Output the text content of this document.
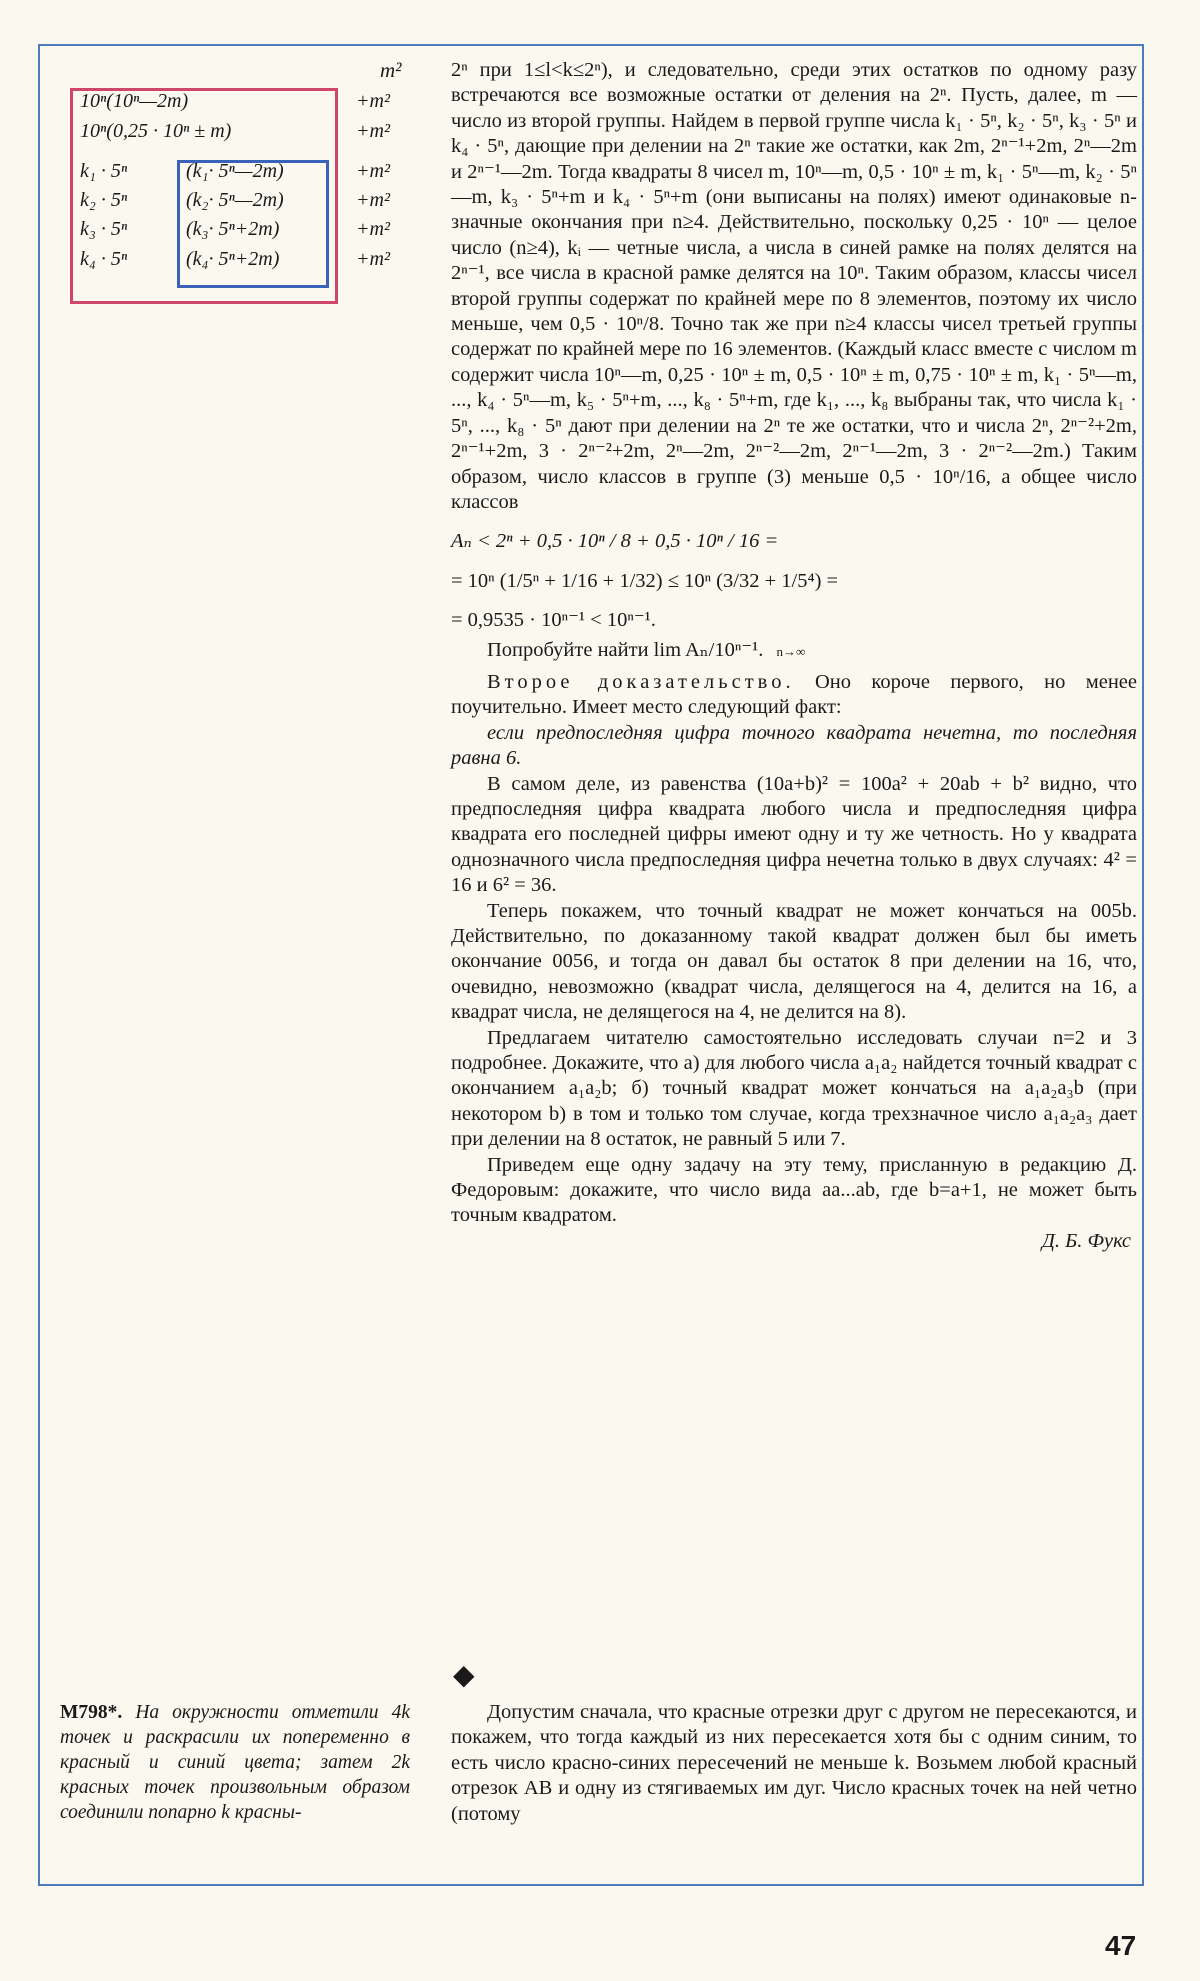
m²
10ⁿ(10ⁿ—2m)	+m²
10ⁿ(0,25 · 10ⁿ ± m)	+m²
k₁ · 5ⁿ	(k₁· 5ⁿ—2m)	+m²
k₂ · 5ⁿ	(k₂· 5ⁿ—2m)	+m²
k₃ · 5ⁿ	(k₃· 5ⁿ+2m)	+m²
k₄ · 5ⁿ	(k₄· 5ⁿ+2m)	+m²

2ⁿ при 1≤l<k≤2ⁿ), и следовательно, среди этих остатков по одному разу встречаются все возможные остатки от деления на 2ⁿ. Пусть, далее, m — число из второй группы. Найдем в первой группе числа k₁ · 5ⁿ, k₂ · 5ⁿ, k₃ · 5ⁿ и k₄ · 5ⁿ, дающие при делении на 2ⁿ такие же остатки, как 2m, 2ⁿ⁻¹+2m, 2ⁿ—2m и 2ⁿ⁻¹—2m. Тогда квадраты 8 чисел m, 10ⁿ—m, 0,5 · 10ⁿ ± m, k₁ · 5ⁿ—m, k₂ · 5ⁿ—m, k₃ · 5ⁿ+m и k₄ · 5ⁿ+m (они выписаны на полях) имеют одинаковые n-значные окончания при n≥4. Действительно, поскольку 0,25 · 10ⁿ — целое число (n≥4), kᵢ — четные числа, а числа в синей рамке на полях делятся на 2ⁿ⁻¹, все числа в красной рамке делятся на 10ⁿ. Таким образом, классы чисел второй группы содержат по крайней мере по 8 элементов, поэтому их число меньше, чем 0,5 · 10ⁿ/8. Точно так же при n≥4 классы чисел третьей группы содержат по крайней мере по 16 элементов. (Каждый класс вместе с числом m содержит числа 10ⁿ—m, 0,25 · 10ⁿ ± m, 0,5 · 10ⁿ ± m, 0,75 · 10ⁿ ± m, k₁ · 5ⁿ—m, ..., k₄ · 5ⁿ—m, k₅ · 5ⁿ+m, ..., k₈ · 5ⁿ+m, где k₁, ..., k₈ выбраны так, что числа k₁ · 5ⁿ, ..., k₈ · 5ⁿ дают при делении на 2ⁿ те же остатки, что и числа 2ⁿ, 2ⁿ⁻²+2m, 2ⁿ⁻¹+2m, 3 · 2ⁿ⁻²+2m, 2ⁿ—2m, 2ⁿ⁻²—2m, 2ⁿ⁻¹—2m, 3 · 2ⁿ⁻²—2m.) Таким образом, число классов в группе (3) меньше 0,5 · 10ⁿ/16, а общее число классов

Aₙ < 2ⁿ + 0,5 · 10ⁿ / 8 + 0,5 · 10ⁿ / 16 =

= 10ⁿ (1/5ⁿ + 1/16 + 1/32) ≤ 10ⁿ (3/32 + 1/5⁴) =

= 0,9535 · 10ⁿ⁻¹ < 10ⁿ⁻¹.

Попробуйте найти lim Aₙ/10ⁿ⁻¹. n→∞

Второе доказательство. Оно короче первого, но менее поучительно. Имеет место следующий факт:

если предпоследняя цифра точного квадрата нечетна, то последняя равна 6.

В самом деле, из равенства (10a+b)² = 100a² + 20ab + b² видно, что предпоследняя цифра квадрата любого числа и предпоследняя цифра квадрата его последней цифры имеют одну и ту же четность. Но у квадрата однозначного числа предпоследняя цифра нечетна только в двух случаях: 4² = 16 и 6² = 36.

Теперь покажем, что точный квадрат не может кончаться на 005b. Действительно, по доказанному такой квадрат должен был бы иметь окончание 0056, и тогда он давал бы остаток 8 при делении на 16, что, очевидно, невозможно (квадрат числа, делящегося на 4, делится на 16, а квадрат числа, не делящегося на 4, не делится на 8).

Предлагаем читателю самостоятельно исследовать случаи n=2 и 3 подробнее. Докажите, что а) для любого числа a₁a₂ найдется точный квадрат с окончанием a₁a₂b; б) точный квадрат может кончаться на a₁a₂a₃b (при некотором b) в том и только том случае, когда трехзначное число a₁a₂a₃ дает при делении на 8 остаток, не равный 5 или 7.

Приведем еще одну задачу на эту тему, присланную в редакцию Д. Федоровым: докажите, что число вида aa...ab, где b=a+1, не может быть точным квадратом.

Д. Б. Фукс

◆

Допустим сначала, что красные отрезки друг с другом не пересекаются, и покажем, что тогда каждый из них пересекается хотя бы с одним синим, то есть число красно-синих пересечений не меньше k. Возьмем любой красный отрезок AB и одну из стягиваемых им дуг. Число красных точек на ней четно (потому

М798*. На окружности отметили 4k точек и раскрасили их попеременно в красный и синий цвета; затем 2k красных точек произвольным образом соединили попарно k красны-
47
